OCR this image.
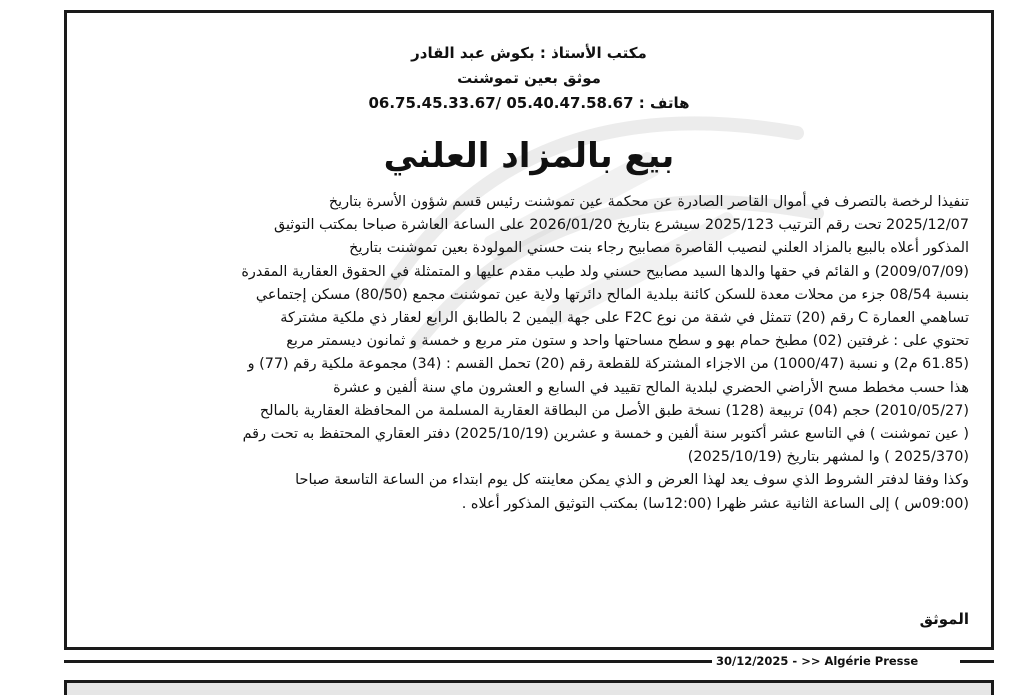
مكتب الأستاذ : بكوش عبد القادر
موثق بعين تموشنت
هاتف : 05.40.47.58.67 /06.75.45.33.67
بيع بالمزاد العلني
تنفيذا لرخصة بالتصرف في أموال القاصر الصادرة عن محكمة عين تموشنت رئيس قسم شؤون الأسرة بتاريخ
2025/12/07 تحت رقم الترتيب 2025/123 سيشرع بتاريخ 2026/01/20 على الساعة العاشرة صباحا بمكتب التوثيق
المذكور أعلاه بالبيع بالمزاد العلني لنصيب القاصرة مصابيح رجاء بنت حسني المولودة بعين تموشنت بتاريخ
(2009/07/09) و القائم في حقها والدها السيد مصابيح حسني ولد طيب مقدم عليها و المتمثلة في الحقوق العقارية المقدرة
بنسبة 08/54 جزء من محلات معدة للسكن كائنة ببلدية المالح دائرتها ولاية عين تموشنت مجمع (80/50) مسكن إجتماعي
تساهمي العمارة C رقم (20) تتمثل في شقة من نوع F2C على جهة اليمين 2 بالطابق الرابع لعقار ذي ملكية مشتركة
تحتوي على : غرفتين (02) مطبخ حمام بهو و سطح مساحتها واحد و ستون متر مربع و خمسة و ثمانون ديسمتر مربع
(61.85 م2) و نسبة (1000/47) من الاجزاء المشتركة للقطعة رقم (20) تحمل القسم : (34) مجموعة ملكية رقم (77) و
هذا حسب مخطط مسح الأراضي الحضري لبلدية المالح تقييد في السابع و العشرون ماي سنة ألفين و عشرة
(2010/05/27) حجم (04) تربيعة (128) نسخة طبق الأصل من البطاقة العقارية المسلمة من المحافظة العقارية بالمالح
( عين تموشنت ) في التاسع عشر أكتوبر سنة ألفين و خمسة و عشرين (2025/10/19) دفتر العقاري المحتفظ به تحت رقم
(2025/370 ) وا لمشهر بتاريخ (2025/10/19)
وكذا وفقا لدفتر الشروط الذي سوف يعد لهذا العرض و الذي يمكن معاينته كل يوم ابتداء من الساعة التاسعة صباحا
(09:00س ) إلى الساعة الثانية عشر ظهرا (12:00سا) بمكتب التوثيق المذكور أعلاه .
الموثق
30/12/2025 - >> Algérie Presse
